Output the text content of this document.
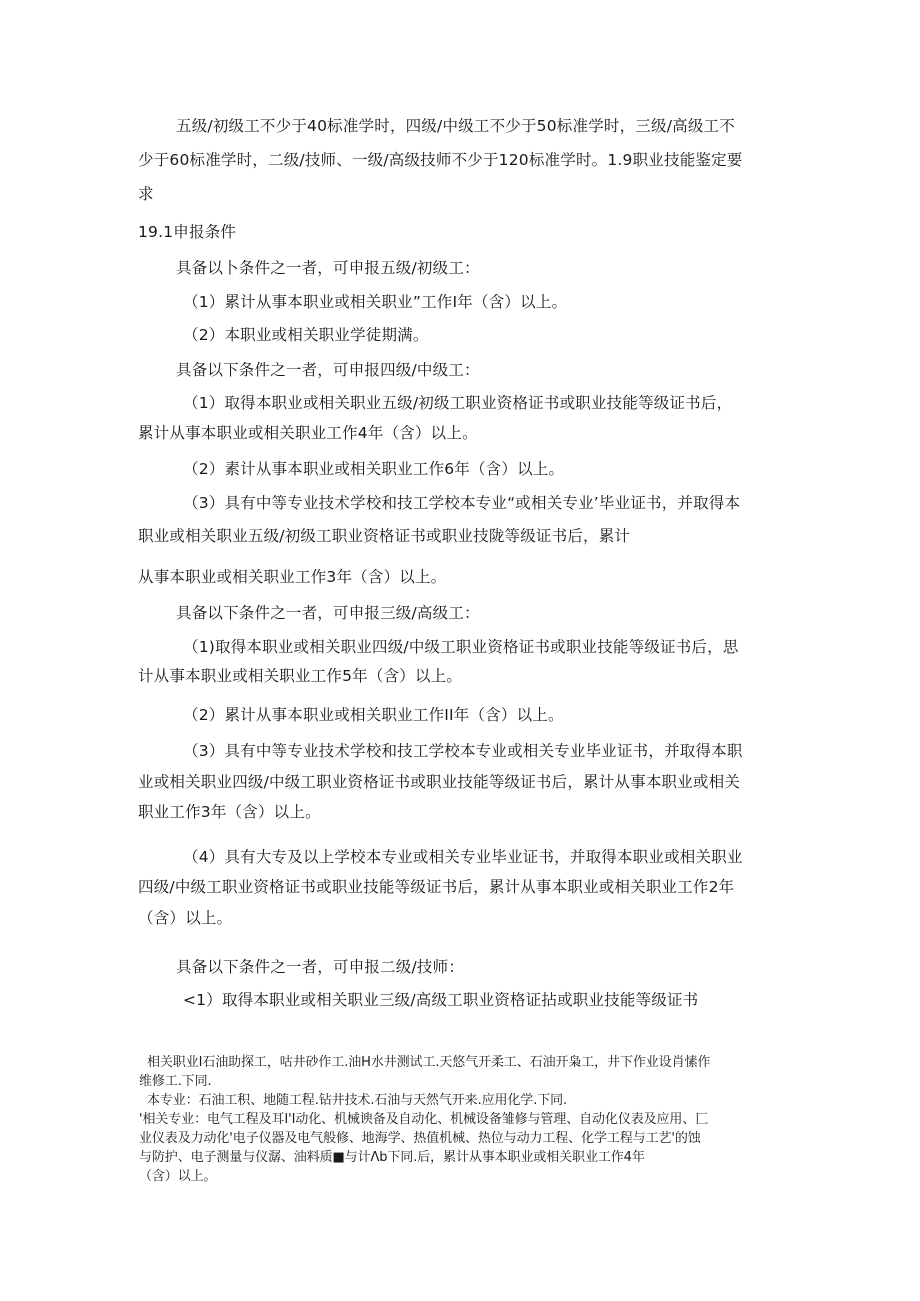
五级/初级工不少于40标准学时，四级/中级工不少于50标准学时，三级/高级工不
少于60标准学时，二级/技师、一级/高级技师不少于120标准学时。1.9职业技能鉴定要
求
19.1申报条件
具备以卜条件之一者，可申报五级/初级工：
（1）累计从事本职业或相关职业”工作I年（含）以上。
（2）本职业或相关职业学徒期满。
具备以下条件之一者，可申报四级/中级工：
（1）取得本职业或相关职业五级/初级工职业资格证书或职业技能等级证书后，
累计从事本职业或相关职业工作4年（含）以上。
（2）素计从事本职业或相关职业工作6年（含）以上。
（3）具有中等专业技术学校和技工学校本专业“或相关专业’毕业证书，并取得本
职业或相关职业五级/初级工职业资格证书或职业技陇等级证书后，累计
从事本职业或相关职业工作3年（含）以上。
具备以下条件之一者，可申报三级/高级工：
（1)取得本职业或相关职业四级/中级工职业资格证书或职业技能等级证书后，思
计从事本职业或相关职业工作5年（含）以上。
（2）累计从事本职业或相关职业工作II年（含）以上。
（3）具有中等专业技术学校和技工学校本专业或相关专业毕业证书，并取得本职
业或相关职业四级/中级工职业资格证书或职业技能等级证书后，累计从事本职业或相关
职业工作3年（含）以上。
（4）具有大专及以上学校本专业或相关专业毕业证书，并取得本职业或相关职业
四级/中级工职业资格证书或职业技能等级证书后，累计从事本职业或相关职业工作2年
（含）以上。
具备以下条件之一者，可申报二级/技师：
<1）取得本职业或相关职业三级/高级工职业资格证拈或职业技能等级证书
相关职业I石油助探工，咕井砂作工.油H水井测试工.天悠气开柔工、石油开枭工，井下作业设肖愫作
维修工.下同.
本专业：石油工积、地随工程.钻井技术.石油与天然气开来.应用化学.下同.
'相关专业：电气工程及耳I'I动化、机械谀备及自动化、机械设备雏修与管理、自动化仪表及应用、匚
业仪表及力动化'电子仪器及电气般修、地海学、热值机械、热位与动力工程、化学工程与工艺'的蚀
与防护、电子测量与仪潺、油料质■与计Λb下同.后，累计从事本职业或相关职业工作4年
（含）以上。
